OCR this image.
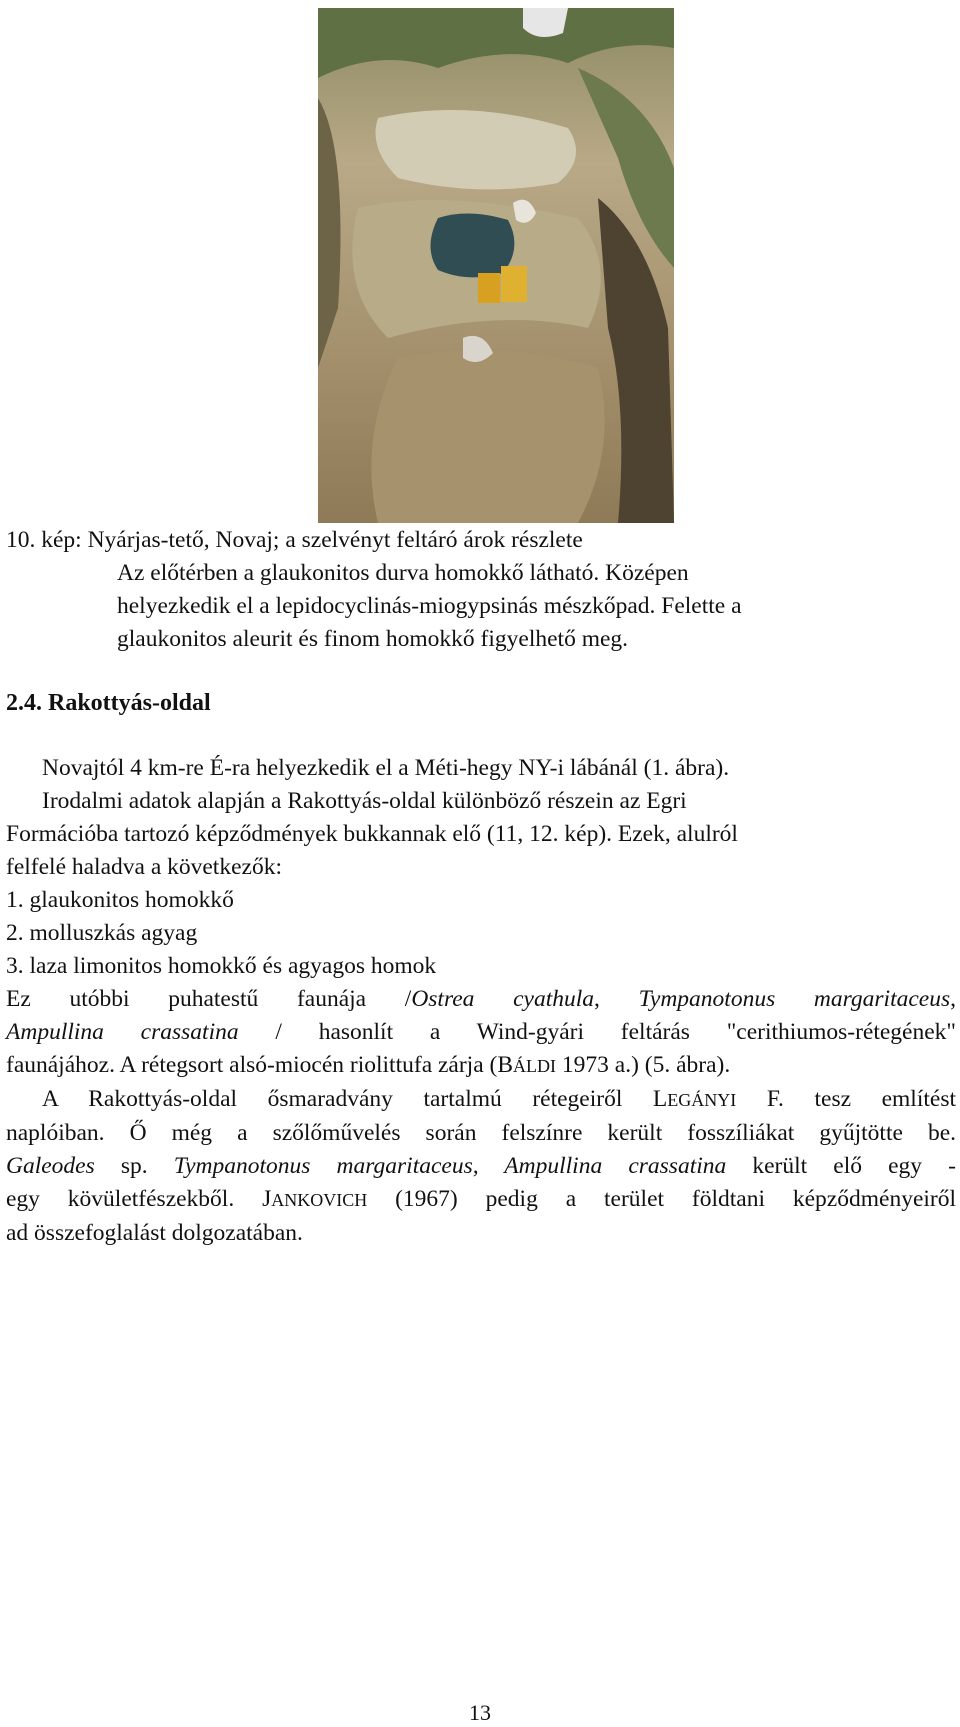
10. kép: Nyárjas-tető, Novaj; a szelvényt feltáró árok részlete
Az előtérben a glaukonitos durva homokkő látható. Középen
helyezkedik el a lepidocyclinás-miogypsinás mészkőpad. Felette a
glaukonitos aleurit és finom homokkő figyelhető meg.
2.4. Rakottyás-oldal
Novajtól 4 km-re É-ra helyezkedik el a Méti-hegy NY-i lábánál (1. ábra).
Irodalmi adatok alapján a Rakottyás-oldal különböző részein az Egri
Formációba tartozó képződmények bukkannak elő (11, 12. kép). Ezek, alulról
felfelé haladva a következők:
1. glaukonitos homokkő
2. molluszkás agyag
3. laza limonitos homokkő és agyagos homok
Ez utóbbi puhatestű faunája /Ostrea cyathula, Tympanotonus margaritaceus,
Ampullina crassatina / hasonlít a Wind-gyári feltárás "cerithiumos-rétegének"
faunájához. A rétegsort alsó-miocén riolittufa zárja (BÁLDI 1973 a.) (5. ábra).
A Rakottyás-oldal ősmaradvány tartalmú rétegeiről LEGÁNYI F. tesz említést
naplóiban. Ő még a szőlőművelés során felszínre került fosszíliákat gyűjtötte be.
Galeodes sp. Tympanotonus margaritaceus, Ampullina crassatina került elő egy -
egy kövületfészekből. JANKOVICH (1967) pedig a terület földtani képződményeiről
ad összefoglalást dolgozatában.
13
